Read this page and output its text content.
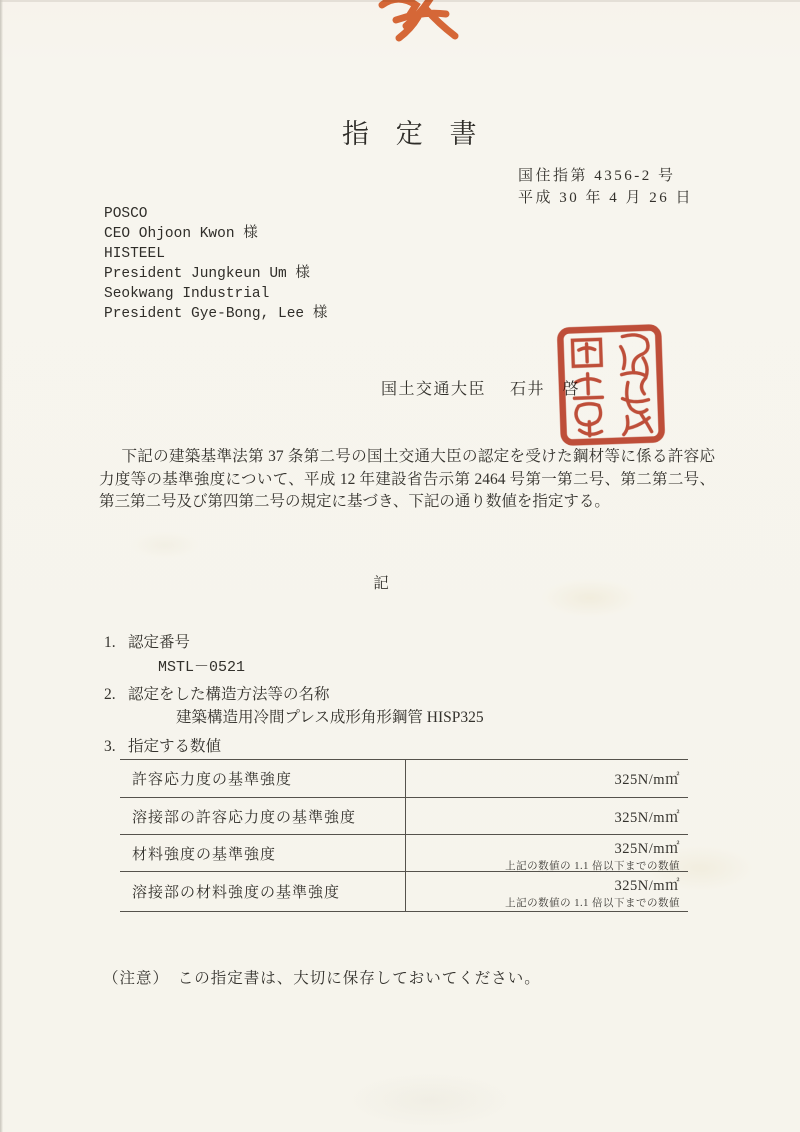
指 定 書
国住指第 4356-2 号
平成 30 年 4 月 26 日
POSCO
CEO Ohjoon Kwon 様
HISTEEL
President Jungkeun Um 様
Seokwang Industrial
President Gye-Bong, Lee 様
国土交通大臣 石井　啓

下記の建築基準法第 37 条第二号の国土交通大臣の認定を受けた鋼材等に係る許容応力度等の基準強度について、平成 12 年建設省告示第 2464 号第一第二号、第二第二号、第三第二号及び第四第二号の規定に基づき、下記の通り数値を指定する。

記
1. 認定番号
MSTL－0521
2. 認定をした構造方法等の名称
建築構造用冷間プレス成形角形鋼管 HISP325
3. 指定する数値
許容応力度の基準強度	325N/m㎡
溶接部の許容応力度の基準強度	325N/m㎡
材料強度の基準強度	325N/m㎡
上記の数値の 1.1 倍以下までの数値
溶接部の材料強度の基準強度	325N/m㎡
上記の数値の 1.1 倍以下までの数値
（注意）　この指定書は、大切に保存しておいてください。
